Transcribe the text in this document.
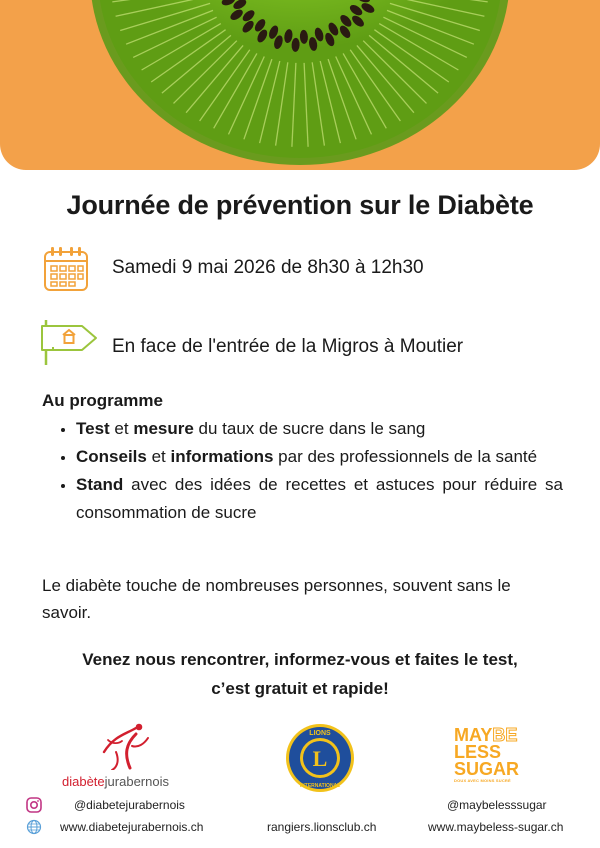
Journée de prévention sur le Diabète
Samedi 9 mai 2026 de 8h30 à 12h30
En face de l'entrée de la Migros à Moutier
Au programme
• Test et mesure du taux de sucre dans le sang
• Conseils et informations par des professionnels de la santé
• Stand avec des idées de recettes et astuces pour réduire sa consommation de sucre
Le diabète touche de nombreuses personnes, souvent sans le savoir.
Venez nous rencontrer, informez-vous et faites le test,
c’est gratuit et rapide!
diabètejurabernois
L
LIONS
INTERNATIONAL
MAYBE
LESS
SUGAR
DOUX AVEC MOINS SUCRÉ
@diabetejurabernois
www.diabetejurabernois.ch	rangiers.lionsclub.ch
@maybelesssugar
www.maybeless-sugar.ch
